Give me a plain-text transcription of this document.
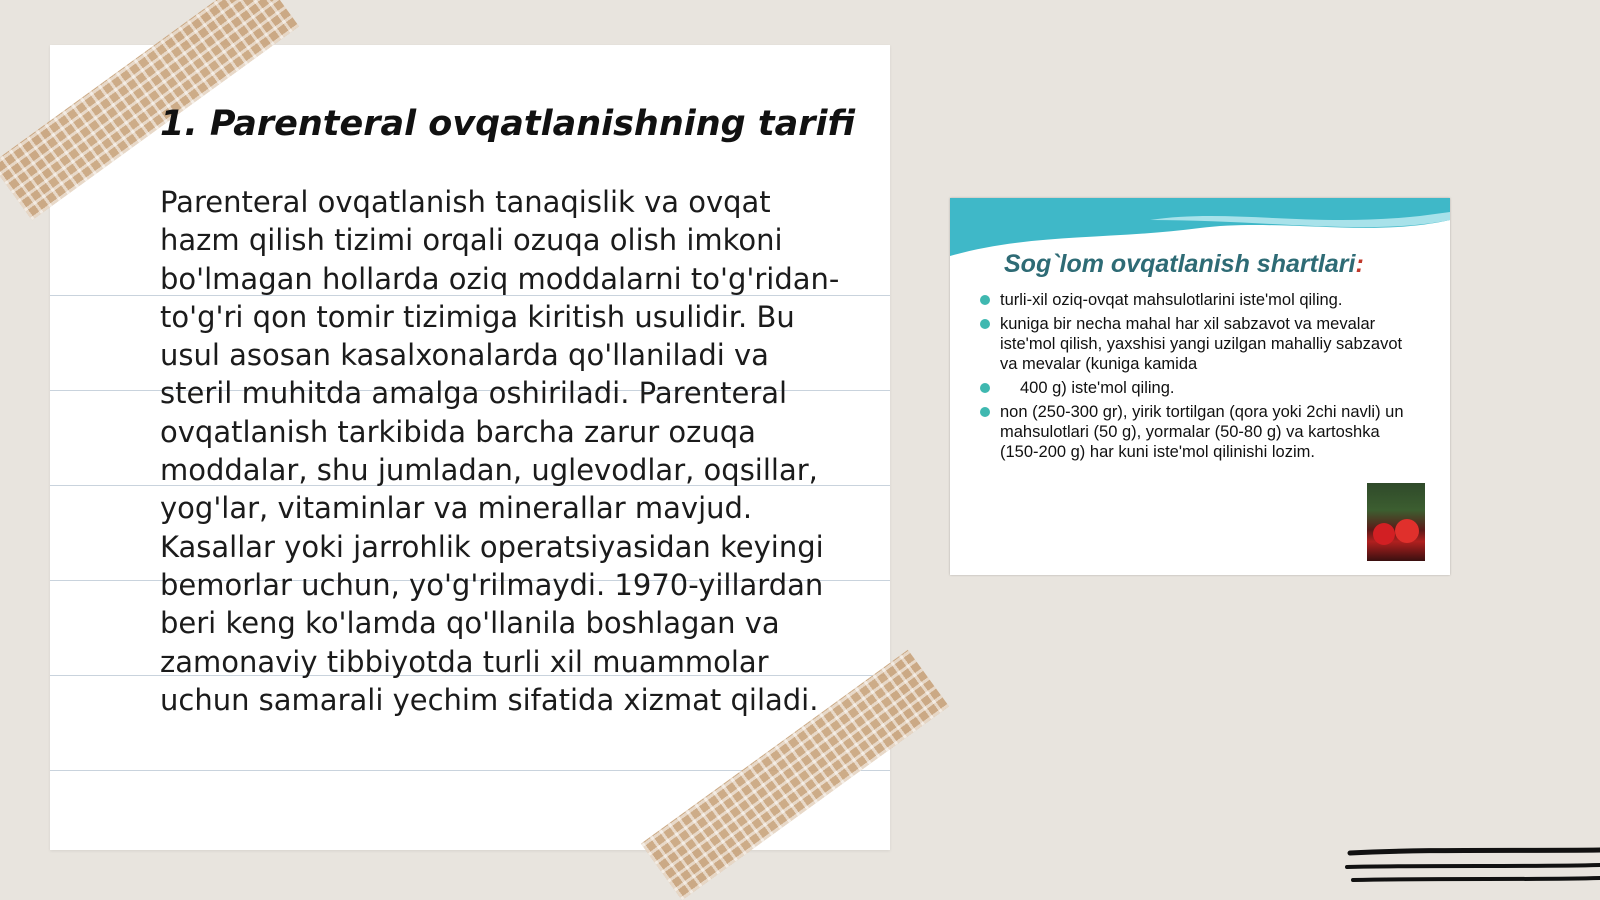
1. Parenteral ovqatlanishning tarifi

Parenteral ovqatlanish tanaqislik va ovqat hazm qilish tizimi orqali ozuqa olish imkoni bo'lmagan hollarda oziq moddalarni to'g'ridan-to'g'ri qon tomir tizimiga kiritish usulidir. Bu usul asosan kasalxonalarda qo'llaniladi va steril muhitda amalga oshiriladi. Parenteral ovqatlanish tarkibida barcha zarur ozuqa moddalar, shu jumladan, uglevodlar, oqsillar, yog'lar, vitaminlar va minerallar mavjud. Kasallar yoki jarrohlik operatsiyasidan keyingi bemorlar uchun, yo'g'rilmaydi. 1970-yillardan beri keng ko'lamda qo'llanila boshlagan va zamonaviy tibbiyotda turli xil muammolar uchun samarali yechim sifatida xizmat qiladi.

Sog`lom ovqatlanish shartlari:
turli-xil oziq-ovqat mahsulotlarini iste'mol qiling.
kuniga bir necha mahal har xil sabzavot va mevalar iste'mol qilish, yaxshisi yangi uzilgan mahalliy sabzavot va mevalar (kuniga kamida
400 g) iste'mol qiling.
non (250-300 gr), yirik tortilgan (qora yoki 2chi navli) un mahsulotlari (50 g), yormalar (50-80 g) va kartoshka (150-200 g) har kuni iste'mol qilinishi lozim.
